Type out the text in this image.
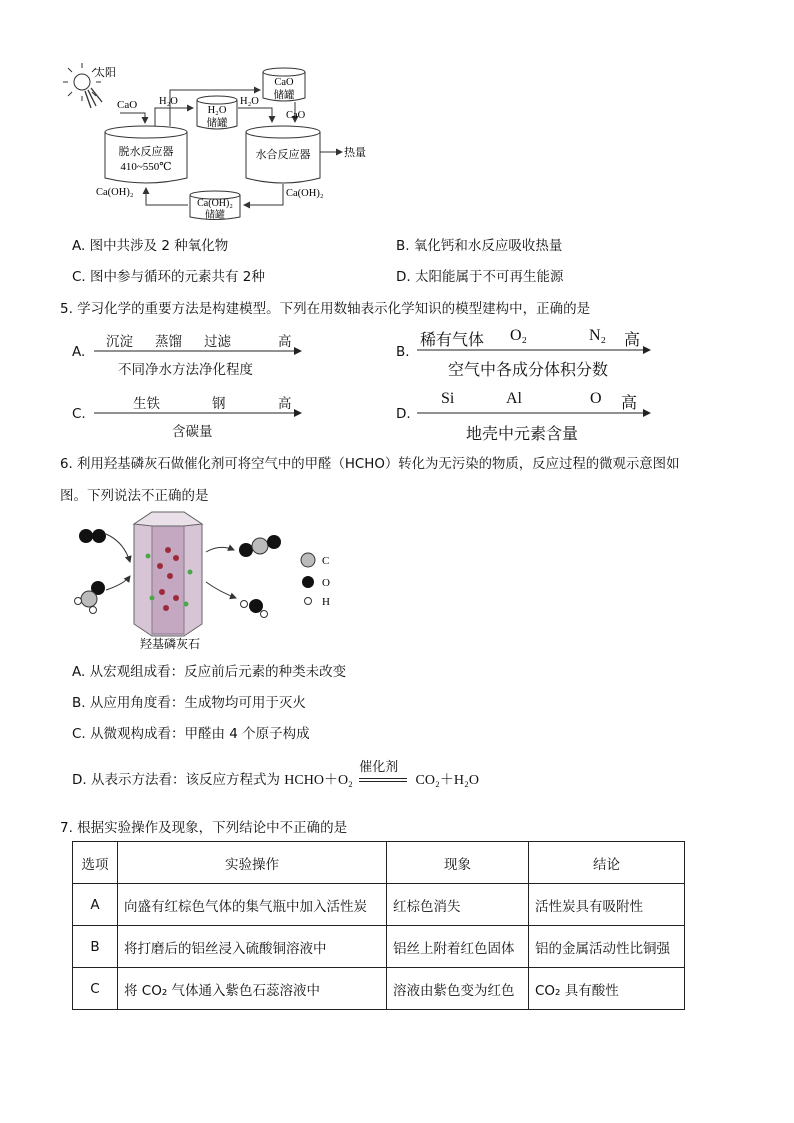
太阳
CaO
脱水反应器
410~550℃
H₂O
储罐
CaO
储罐
水合反应器
Ca(OH)₂
储罐
H₂O	H₂O
CaO
热量
Ca(OH)₂	Ca(OH)₂
A. 图中共涉及 2 种氧化物	B. 氧化钙和水反应吸收热量
C. 图中参与循环的元素共有 2种	D. 太阳能属于不可再生能源
5. 学习化学的重要方法是构建模型。下列在用数轴表示化学知识的模型建构中，正确的是
A.
沉淀 蒸馏 过滤	高
不同净水方法净化程度
B.
稀有气体 O₂	N₂ 高
空气中各成分体积分数
C.
生铁	钢	高
含碳量
D.
Si	Al	O 高
地壳中元素含量
6. 利用羟基磷灰石做催化剂可将空气中的甲醛（HCHO）转化为无污染的物质，反应过程的微观示意图如
图。下列说法不正确的是
C
O
H
羟基磷灰石
A. 从宏观组成看：反应前后元素的种类未改变
B. 从应用角度看：生成物均可用于灭火
C. 从微观构成看：甲醛由 4 个原子构成
D. 从表示方法看：该反应方程式为 HCHO＋O₂
催化剂
CO₂＋H₂O
7. 根据实验操作及现象，下列结论中不正确的是
选项	实验操作	现象	结论
A	向盛有红棕色气体的集气瓶中加入活性炭	红棕色消失	活性炭具有吸附性
B	将打磨后的铝丝浸入硫酸铜溶液中	铝丝上附着红色固体	铝的金属活动性比铜强
C	将 CO₂ 气体通入紫色石蕊溶液中	溶液由紫色变为红色	CO₂ 具有酸性
